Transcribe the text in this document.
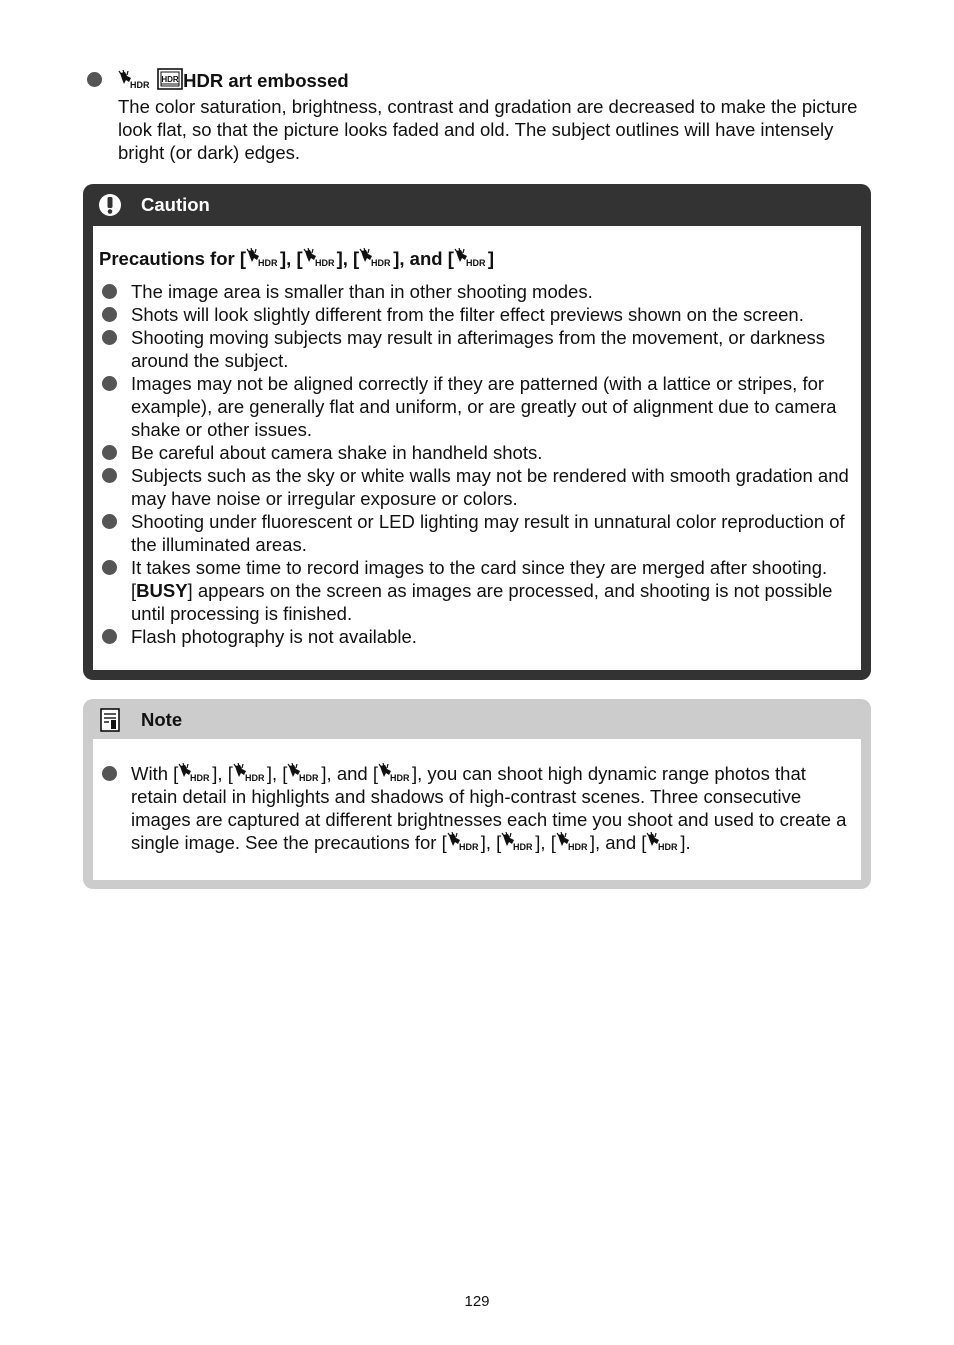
HDR

HDR HDR art embossed
The color saturation, brightness, contrast and gradation are decreased to make the picture look flat, so that the picture looks faded and old. The subject outlines will have intensely bright (or dark) edges.
Caution
Precautions for [ HDR ], [ HDR ], [ HDR ], and [ HDR ]
The image area is smaller than in other shooting modes.
Shots will look slightly different from the filter effect previews shown on the screen.
Shooting moving subjects may result in afterimages from the movement, or darkness around the subject.
Images may not be aligned correctly if they are patterned (with a lattice or stripes, for example), are generally flat and uniform, or are greatly out of alignment due to camera shake or other issues.
Be careful about camera shake in handheld shots.
Subjects such as the sky or white walls may not be rendered with smooth gradation and may have noise or irregular exposure or colors.
Shooting under fluorescent or LED lighting may result in unnatural color reproduction of the illuminated areas.
It takes some time to record images to the card since they are merged after shooting. [BUSY] appears on the screen as images are processed, and shooting is not possible until processing is finished.
Flash photography is not available.
Note
With [ HDR ], [ HDR ], [ HDR ], and [ HDR ], you can shoot high dynamic range photos that retain detail in highlights and shadows of high-contrast scenes. Three consecutive images are captured at different brightnesses each time you shoot and used to create a single image. See the precautions for [ HDR ], [ HDR ], [ HDR ], and [ HDR ].
129
